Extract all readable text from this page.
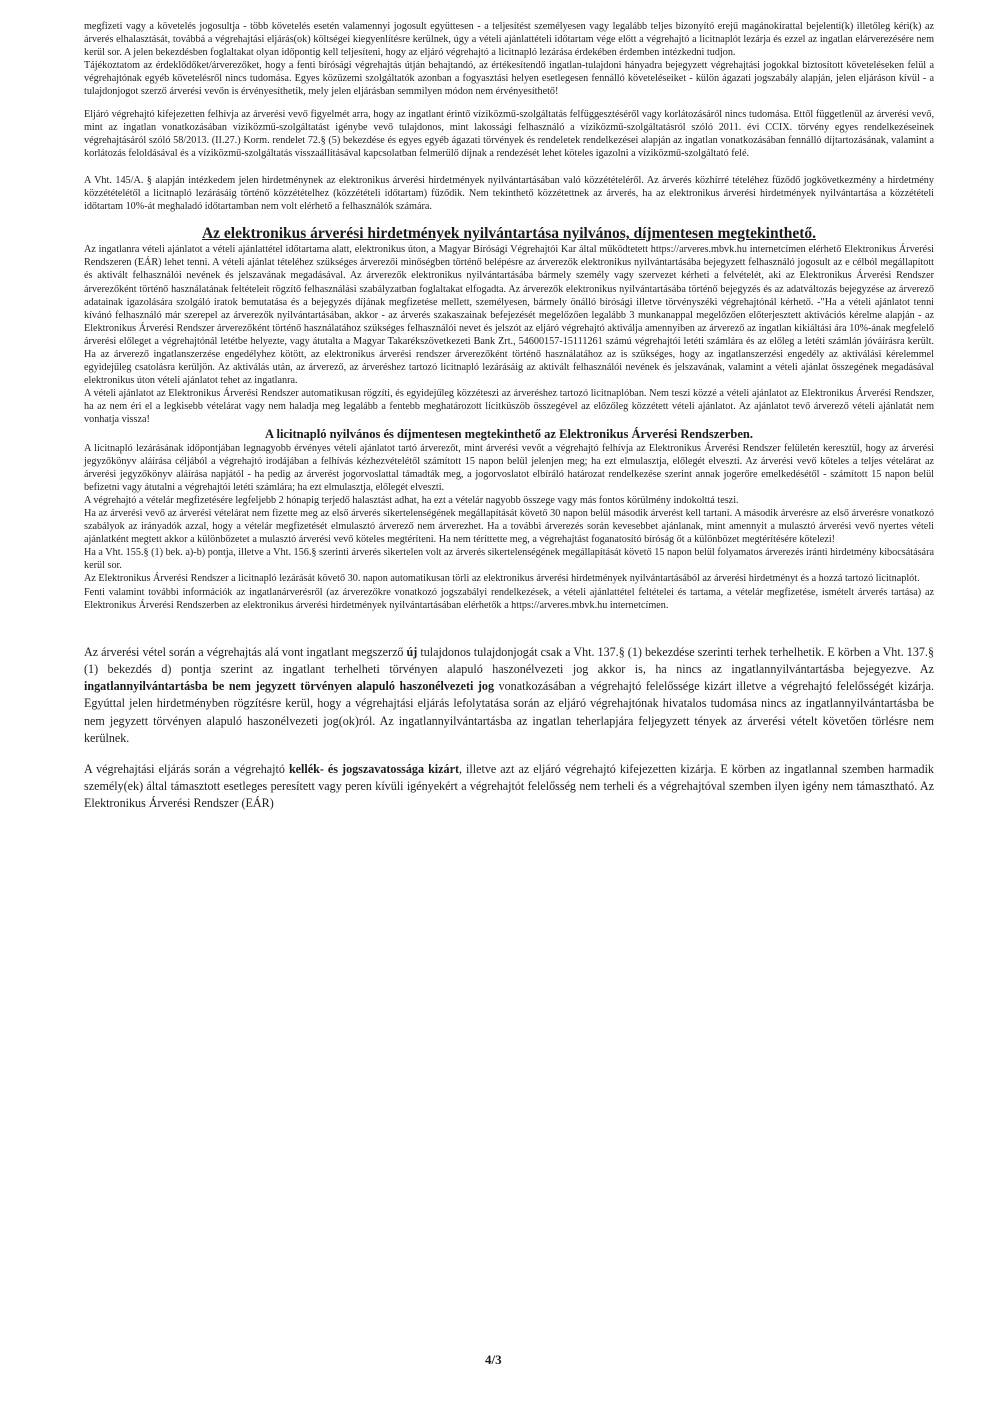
megfizeti vagy a követelés jogosultja - több követelés esetén valamennyi jogosult együttesen - a teljesítést személyesen vagy legalább teljes bizonyító erejű magánokirattal bejelenti(k) illetőleg kéri(k) az árverés elhalasztását, továbbá a végrehajtási eljárás(ok) költségei kiegyenlítésre kerülnek, úgy a vételi ajánlattételi időtartam vége előtt a végrehajtó a licitnaplót lezárja és ezzel az ingatlan elárverezésére nem kerül sor. A jelen bekezdésben foglaltakat olyan időpontig kell teljesíteni, hogy az eljáró végrehajtó a licitnapló lezárása érdekében érdemben intézkedni tudjon.

Tájékoztatom az érdeklődőket/árverezőket, hogy a fenti bírósági végrehajtás útján behajtandó, az értékesítendő ingatlan-tulajdoni hányadra bejegyzett végrehajtási jogokkal biztosított követeléseken felül a végrehajtónak egyéb követelésről nincs tudomása. Egyes közüzemi szolgáltatók azonban a fogyasztási helyen esetlegesen fennálló követeléseiket - külön ágazati jogszabály alapján, jelen eljáráson kívül - a tulajdonjogot szerző árverési vevőn is érvényesíthetik, mely jelen eljárásban semmilyen módon nem érvényesíthető!

Eljáró végrehajtó kifejezetten felhívja az árverési vevő figyelmét arra, hogy az ingatlant érintő víziközmű-szolgáltatás felfüggesztéséről vagy korlátozásáról nincs tudomása. Ettől függetlenül az árverési vevő, mint az ingatlan vonatkozásában víziközmű-szolgáltatást igénybe vevő tulajdonos, mint lakossági felhasználó a víziközmű-szolgáltatásról szóló 2011. évi CCIX. törvény egyes rendelkezéseinek végrehajtásáról szóló 58/2013. (II.27.) Korm. rendelet 72.§ (5) bekezdése és egyes egyéb ágazati törvények és rendeletek rendelkezései alapján az ingatlan vonatkozásában fennálló díjtartozásának, valamint a korlátozás feloldásával és a víziközmű-szolgáltatás visszaállításával kapcsolatban felmerülő díjnak a rendezését lehet köteles igazolni a víziközmű-szolgáltató felé.

A Vht. 145/A. § alapján intézkedem jelen hirdetménynek az elektronikus árverési hirdetmények nyilvántartásában való közzétételéről. Az árverés közhírré tételéhez fűződő jogkövetkezmény a hirdetmény közzétételétől a licitnapló lezárásáig történő közzétételhez (közzétételi időtartam) fűződik. Nem tekinthető közzétettnek az árverés, ha az elektronikus árverési hirdetmények nyilvántartása a közzétételi időtartam 10%-át meghaladó időtartamban nem volt elérhető a felhasználók számára.

Az elektronikus árverési hirdetmények nyilvántartása nyilvános, díjmentesen megtekinthető.

Az ingatlanra vételi ajánlatot a vételi ajánlattétel időtartama alatt, elektronikus úton, a Magyar Bírósági Végrehajtói Kar által működtetett https://arveres.mbvk.hu internetcímen elérhető Elektronikus Árverési Rendszeren (EÁR) lehet tenni. A vételi ajánlat tételéhez szükséges árverezői minőségben történő belépésre az árverezők elektronikus nyilvántartásába bejegyzett felhasználó jogosult az e célból megállapított és aktivált felhasználói nevének és jelszavának megadásával. Az árverezők elektronikus nyilvántartásába bármely személy vagy szervezet kérheti a felvételét, aki az Elektronikus Árverési Rendszer árverezőként történő használatának feltételeit rögzítő felhasználási szabályzatban foglaltakat elfogadta. Az árverezők elektronikus nyilvántartásába történő bejegyzés és az adatváltozás bejegyzése az árverező adatainak igazolására szolgáló iratok bemutatása és a bejegyzés díjának megfizetése mellett, személyesen, bármely önálló bírósági illetve törvényszéki végrehajtónál kérhető. -"Ha a vételi ajánlatot tenni kívánó felhasználó már szerepel az árverezők nyilvántartásában, akkor - az árverés szakaszainak befejezését megelőzően legalább 3 munkanappal megelőzően előterjesztett aktivációs kérelme alapján - az Elektronikus Árverési Rendszer árverezőként történő használatához szükséges felhasználói nevet és jelszót az eljáró végrehajtó aktiválja amennyiben az árverező az ingatlan kikiáltási ára 10%-ának megfelelő árverési előleget a végrehajtónál letétbe helyezte, vagy átutalta a Magyar Takarékszövetkezeti Bank Zrt., 54600157-15111261 számú végrehajtói letéti számlára és az előleg a letéti számlán jóváírásra került. Ha az árverező ingatlanszerzése engedélyhez kötött, az elektronikus árverési rendszer árverezőként történő használatához az is szükséges, hogy az ingatlanszerzési engedély az aktiválási kérelemmel egyidejűleg csatolásra kerüljön. Az aktiválás után, az árverező, az árveréshez tartozó licitnapló lezárásáig az aktivált felhasználói nevének és jelszavának, valamint a vételi ajánlat összegének megadásával elektronikus úton vételi ajánlatot tehet az ingatlanra.

A vételi ajánlatot az Elektronikus Árverési Rendszer automatikusan rögzíti, és egyidejűleg közzéteszi az árveréshez tartozó licitnaplóban. Nem teszi közzé a vételi ajánlatot az Elektronikus Árverési Rendszer, ha az nem éri el a legkisebb vételárat vagy nem haladja meg legalább a fentebb meghatározott licitküszöb összegével az előzőleg közzétett vételi ajánlatot. Az ajánlatot tevő árverező vételi ajánlatát nem vonhatja vissza!

A licitnapló nyilvános és díjmentesen megtekinthető az Elektronikus Árverési Rendszerben.

A licitnapló lezárásának időpontjában legnagyobb érvényes vételi ajánlatot tartó árverezőt, mint árverési vevőt a végrehajtó felhívja az Elektronikus Árverési Rendszer felületén keresztül, hogy az árverési jegyzőkönyv aláírása céljából a végrehajtó irodájában a felhívás kézhezvételétől számított 15 napon belül jelenjen meg; ha ezt elmulasztja, előlegét elveszti. Az árverési vevő köteles a teljes vételárat az árverési jegyzőkönyv aláírása napjától - ha pedig az árverést jogorvoslattal támadták meg, a jogorvoslatot elbíráló határozat rendelkezése szerint annak jogerőre emelkedésétől - számított 15 napon belül befizetni vagy átutalni a végrehajtói letéti számlára; ha ezt elmulasztja, előlegét elveszti.

A végrehajtó a vételár megfizetésére legfeljebb 2 hónapig terjedő halasztást adhat, ha ezt a vételár nagyobb összege vagy más fontos körülmény indokolttá teszi.

Ha az árverési vevő az árverési vételárat nem fizette meg az első árverés sikertelenségének megállapítását követő 30 napon belül második árverést kell tartani. A második árverésre az első árverésre vonatkozó szabályok az irányadók azzal, hogy a vételár megfizetését elmulasztó árverező nem árverezhet. Ha a további árverezés során kevesebbet ajánlanak, mint amennyit a mulasztó árverési vevő nyertes vételi ajánlatként megtett akkor a különbözetet a mulasztó árverési vevő köteles megtéríteni. Ha nem téríttette meg, a végrehajtást foganatosító bíróság őt a különbözet megtérítésére kötelezi!

Ha a Vht. 155.§ (1) bek. a)-b) pontja, illetve a Vht. 156.§ szerinti árverés sikertelen volt az árverés sikertelenségének megállapítását követő 15 napon belül folyamatos árverezés iránti hirdetmény kibocsátására kerül sor.

Az Elektronikus Árverési Rendszer a licitnapló lezárását követő 30. napon automatikusan törli az elektronikus árverési hirdetmények nyilvántartásából az árverési hirdetményt és a hozzá tartozó licitnaplót.

Fenti valamint további információk az ingatlanárverésről (az árverezőkre vonatkozó jogszabályi rendelkezések, a vételi ajánlattétel feltételei és tartama, a vételár megfizetése, ismételt árverés tartása) az Elektronikus Árverési Rendszerben az elektronikus árverési hirdetmények nyilvántartásában elérhetők a https://arveres.mbvk.hu internetcímen.

Az árverési vétel során a végrehajtás alá vont ingatlant megszerző új tulajdonos tulajdonjogát csak a Vht. 137.§ (1) bekezdése szerinti terhek terhelhetik. E körben a Vht. 137.§ (1) bekezdés d) pontja szerint az ingatlant terhelheti törvényen alapuló haszonélvezeti jog akkor is, ha nincs az ingatlannyilvántartásba bejegyezve. Az ingatlannyilvántartásba be nem jegyzett törvényen alapuló haszonélvezeti jog vonatkozásában a végrehajtó felelőssége kizárt illetve a végrehajtó felelősségét kizárja. Egyúttal jelen hirdetményben rögzítésre kerül, hogy a végrehajtási eljárás lefolytatása során az eljáró végrehajtónak hivatalos tudomása nincs az ingatlannyilvántartásba be nem jegyzett törvényen alapuló haszonélvezeti jog(ok)ról. Az ingatlannyilvántartásba az ingatlan teherlapjára feljegyzett tények az árverési vételt követően törlésre nem kerülnek.

A végrehajtási eljárás során a végrehajtó kellék- és jogszavatossága kizárt, illetve azt az eljáró végrehajtó kifejezetten kizárja. E körben az ingatlannal szemben harmadik személy(ek) által támasztott esetleges peresített vagy peren kívüli igényekért a végrehajtót felelősség nem terheli és a végrehajtóval szemben ilyen igény nem támasztható. Az Elektronikus Árverési Rendszer (EÁR)

4/3
